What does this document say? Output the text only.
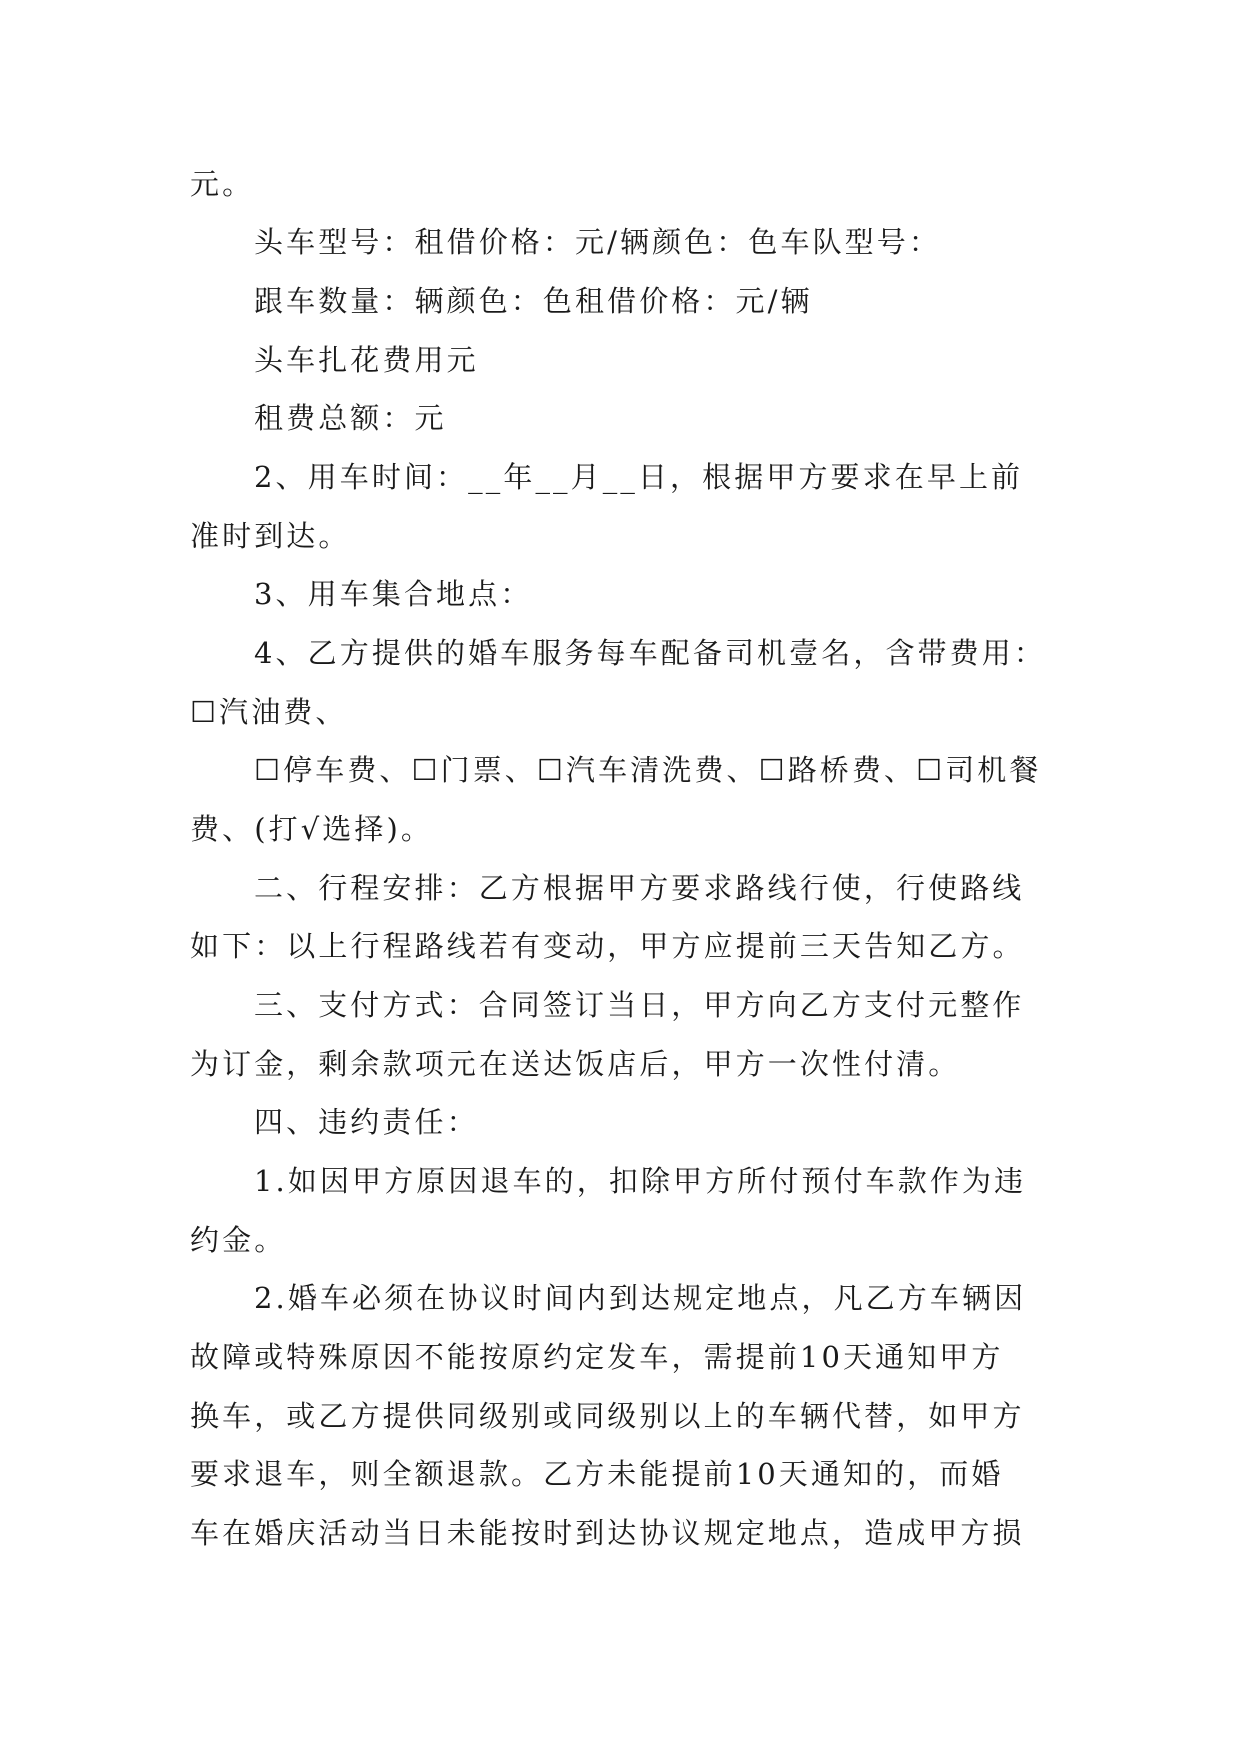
元。
头车型号：租借价格：元/辆颜色：色车队型号：
跟车数量：辆颜色：色租借价格：元/辆
头车扎花费用元
租费总额：元
2、用车时间：__年__月__日，根据甲方要求在早上前
准时到达。
3、用车集合地点：
4、乙方提供的婚车服务每车配备司机壹名，含带费用：
☐汽油费、
☐停车费、☐门票、☐汽车清洗费、☐路桥费、☐司机餐
费、(打√选择)。
二、行程安排：乙方根据甲方要求路线行使，行使路线
如下：以上行程路线若有变动，甲方应提前三天告知乙方。
三、支付方式：合同签订当日，甲方向乙方支付元整作
为订金，剩余款项元在送达饭店后，甲方一次性付清。
四、违约责任：
1.如因甲方原因退车的，扣除甲方所付预付车款作为违
约金。
2.婚车必须在协议时间内到达规定地点，凡乙方车辆因
故障或特殊原因不能按原约定发车，需提前10天通知甲方
换车，或乙方提供同级别或同级别以上的车辆代替，如甲方
要求退车，则全额退款。乙方未能提前10天通知的，而婚
车在婚庆活动当日未能按时到达协议规定地点，造成甲方损
